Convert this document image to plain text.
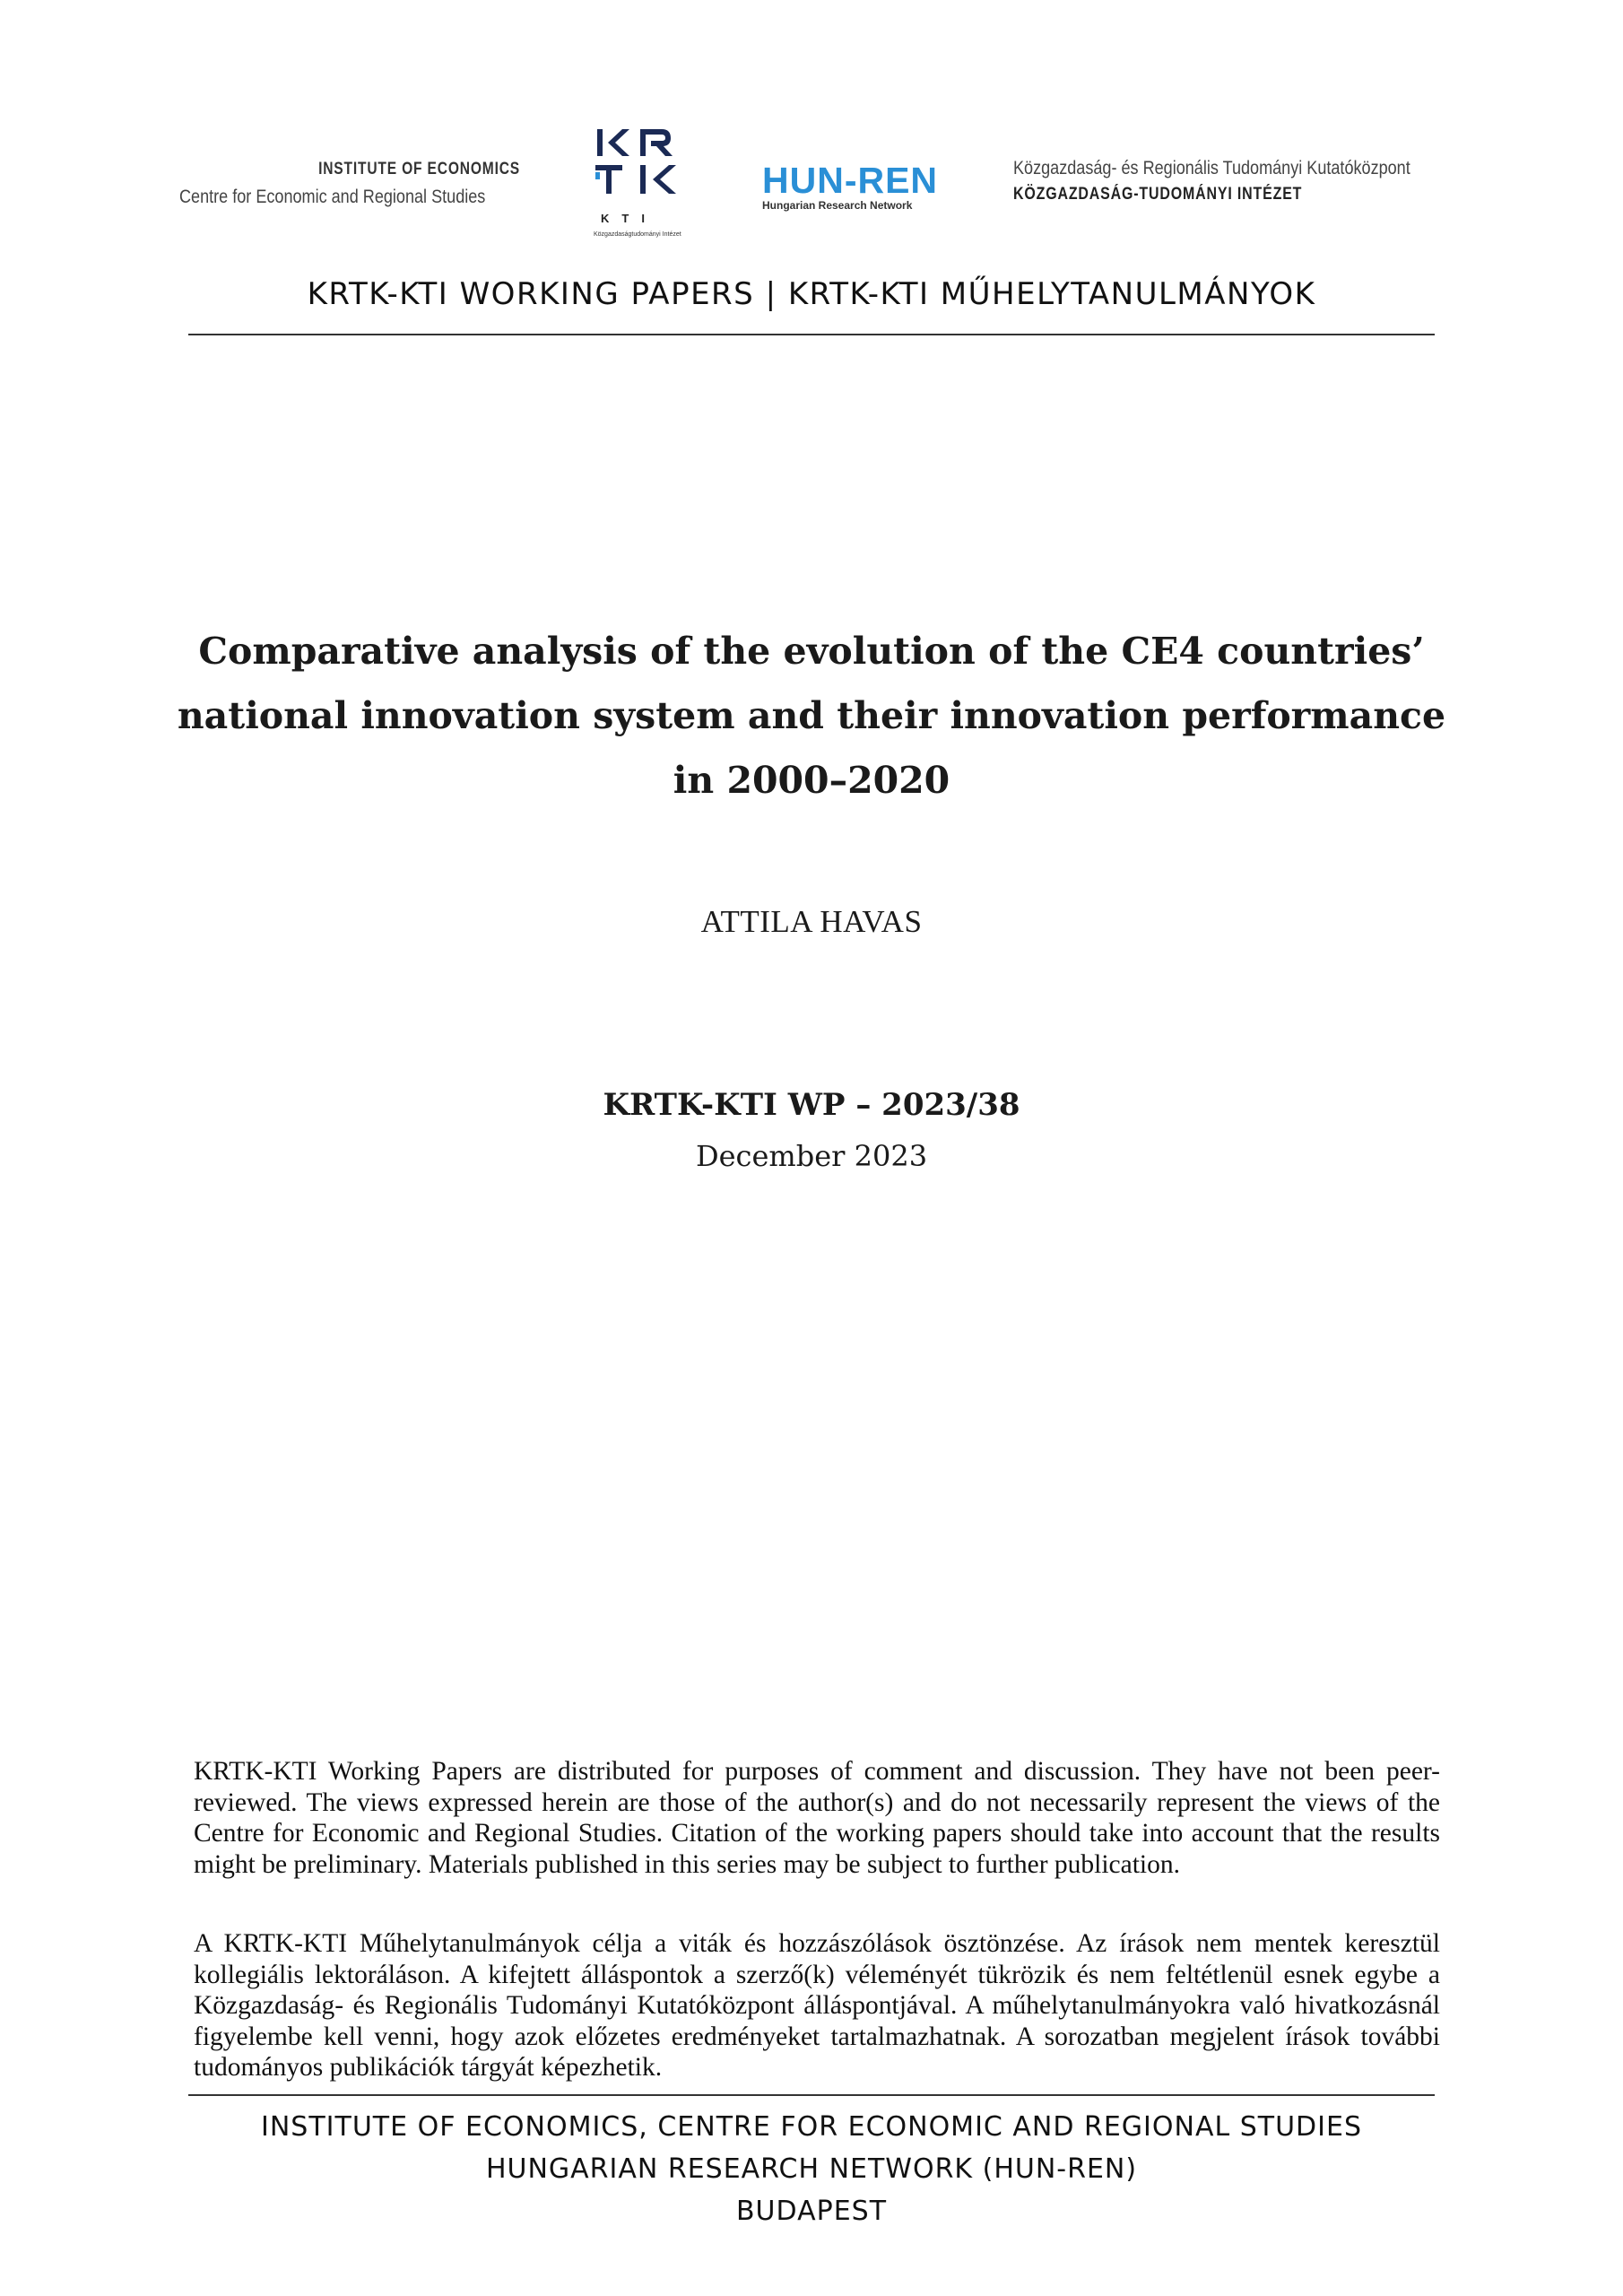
INSTITUTE OF ECONOMICS
Centre for Economic and Regional Studies
KTI
Közgazdaságtudományi Intézet
HUN-REN
Hungarian Research Network
Közgazdaság- és Regionális Tudományi Kutatóközpont
KÖZGAZDASÁG-TUDOMÁNYI INTÉZET
KRTK-KTI WORKING PAPERS | KRTK-KTI MŰHELYTANULMÁNYOK
Comparative analysis of the evolution of the CE4 countries’
national innovation system and their innovation performance
in 2000–2020
ATTILA HAVAS
KRTK-KTI WP – 2023/38
December 2023
KRTK-KTI Working Papers are distributed for purposes of comment and discussion. They have not been peer-reviewed. The views expressed herein are those of the author(s) and do not necessarily represent the views of the Centre for Economic and Regional Studies. Citation of the working papers should take into account that the results might be preliminary. Materials published in this series may be subject to further publication.
A KRTK-KTI Műhelytanulmányok célja a viták és hozzászólások ösztönzése. Az írások nem mentek keresztül kollegiális lektoráláson. A kifejtett álláspontok a szerző(k) véleményét tükrözik és nem feltétlenül esnek egybe a Közgazdaság- és Regionális Tudományi Kutatóközpont álláspontjával. A műhelytanulmányokra való hivatkozásnál figyelembe kell venni, hogy azok előzetes eredményeket tartalmazhatnak. A sorozatban megjelent írások további tudományos publikációk tárgyát képezhetik.
INSTITUTE OF ECONOMICS, CENTRE FOR ECONOMIC AND REGIONAL STUDIES
HUNGARIAN RESEARCH NETWORK (HUN-REN)
BUDAPEST
